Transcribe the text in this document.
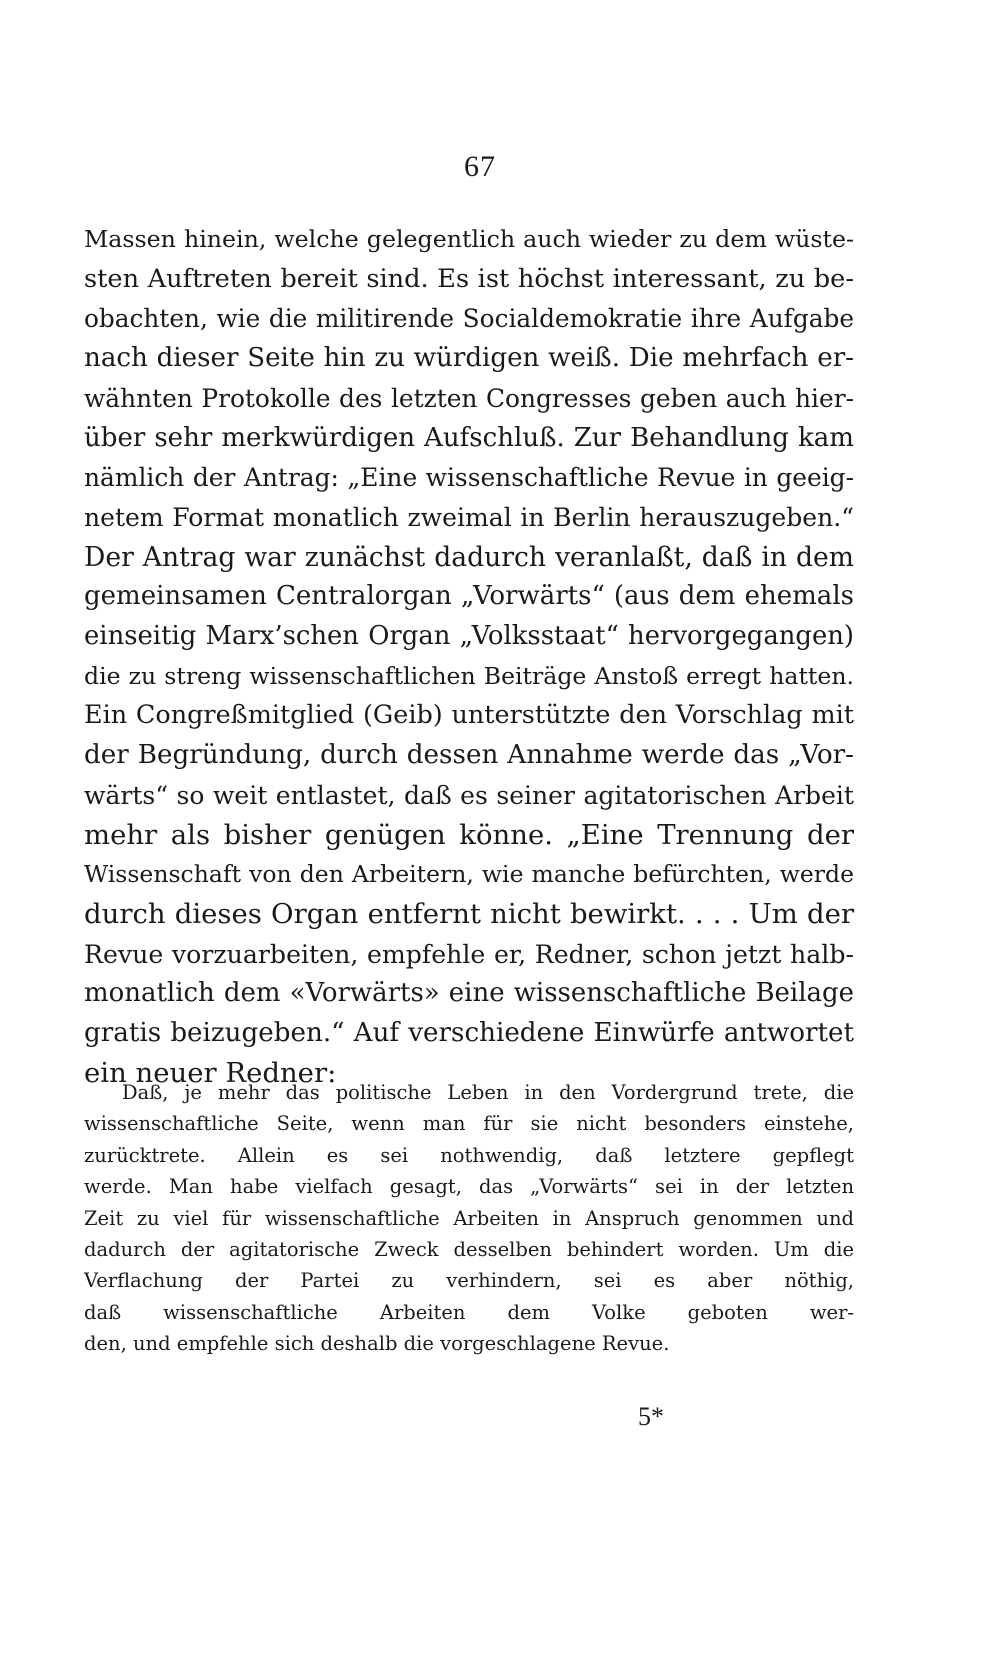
67
Massen hinein, welche gelegentlich auch wieder zu dem wüste-
sten Auftreten bereit sind. Es ist höchst interessant, zu be-
obachten, wie die militirende Socialdemokratie ihre Aufgabe
nach dieser Seite hin zu würdigen weiß. Die mehrfach er-
wähnten Protokolle des letzten Congresses geben auch hier-
über sehr merkwürdigen Aufschluß. Zur Behandlung kam
nämlich der Antrag: „Eine wissenschaftliche Revue in geeig-
netem Format monatlich zweimal in Berlin herauszugeben.“
Der Antrag war zunächst dadurch veranlaßt, daß in dem
gemeinsamen Centralorgan „Vorwärts“ (aus dem ehemals
einseitig Marx’schen Organ „Volksstaat“ hervorgegangen)
die zu streng wissenschaftlichen Beiträge Anstoß erregt hatten.
Ein Congreßmitglied (Geib) unterstützte den Vorschlag mit
der Begründung, durch dessen Annahme werde das „Vor-
wärts“ so weit entlastet, daß es seiner agitatorischen Arbeit
mehr als bisher genügen könne. „Eine Trennung der
Wissenschaft von den Arbeitern, wie manche befürchten, werde
durch dieses Organ entfernt nicht bewirkt. . . . Um der
Revue vorzuarbeiten, empfehle er, Redner, schon jetzt halb-
monatlich dem «Vorwärts» eine wissenschaftliche Beilage
gratis beizugeben.“ Auf verschiedene Einwürfe antwortet
ein neuer Redner:
Daß, je mehr das politische Leben in den Vordergrund trete, die
wissenschaftliche Seite, wenn man für sie nicht besonders einstehe,
zurücktrete. Allein es sei nothwendig, daß letztere gepflegt
werde. Man habe vielfach gesagt, das „Vorwärts“ sei in der letzten
Zeit zu viel für wissenschaftliche Arbeiten in Anspruch genommen und
dadurch der agitatorische Zweck desselben behindert worden. Um die
Verflachung der Partei zu verhindern, sei es aber nöthig,
daß wissenschaftliche Arbeiten dem Volke geboten wer-
den, und empfehle sich deshalb die vorgeschlagene Revue.
5*
